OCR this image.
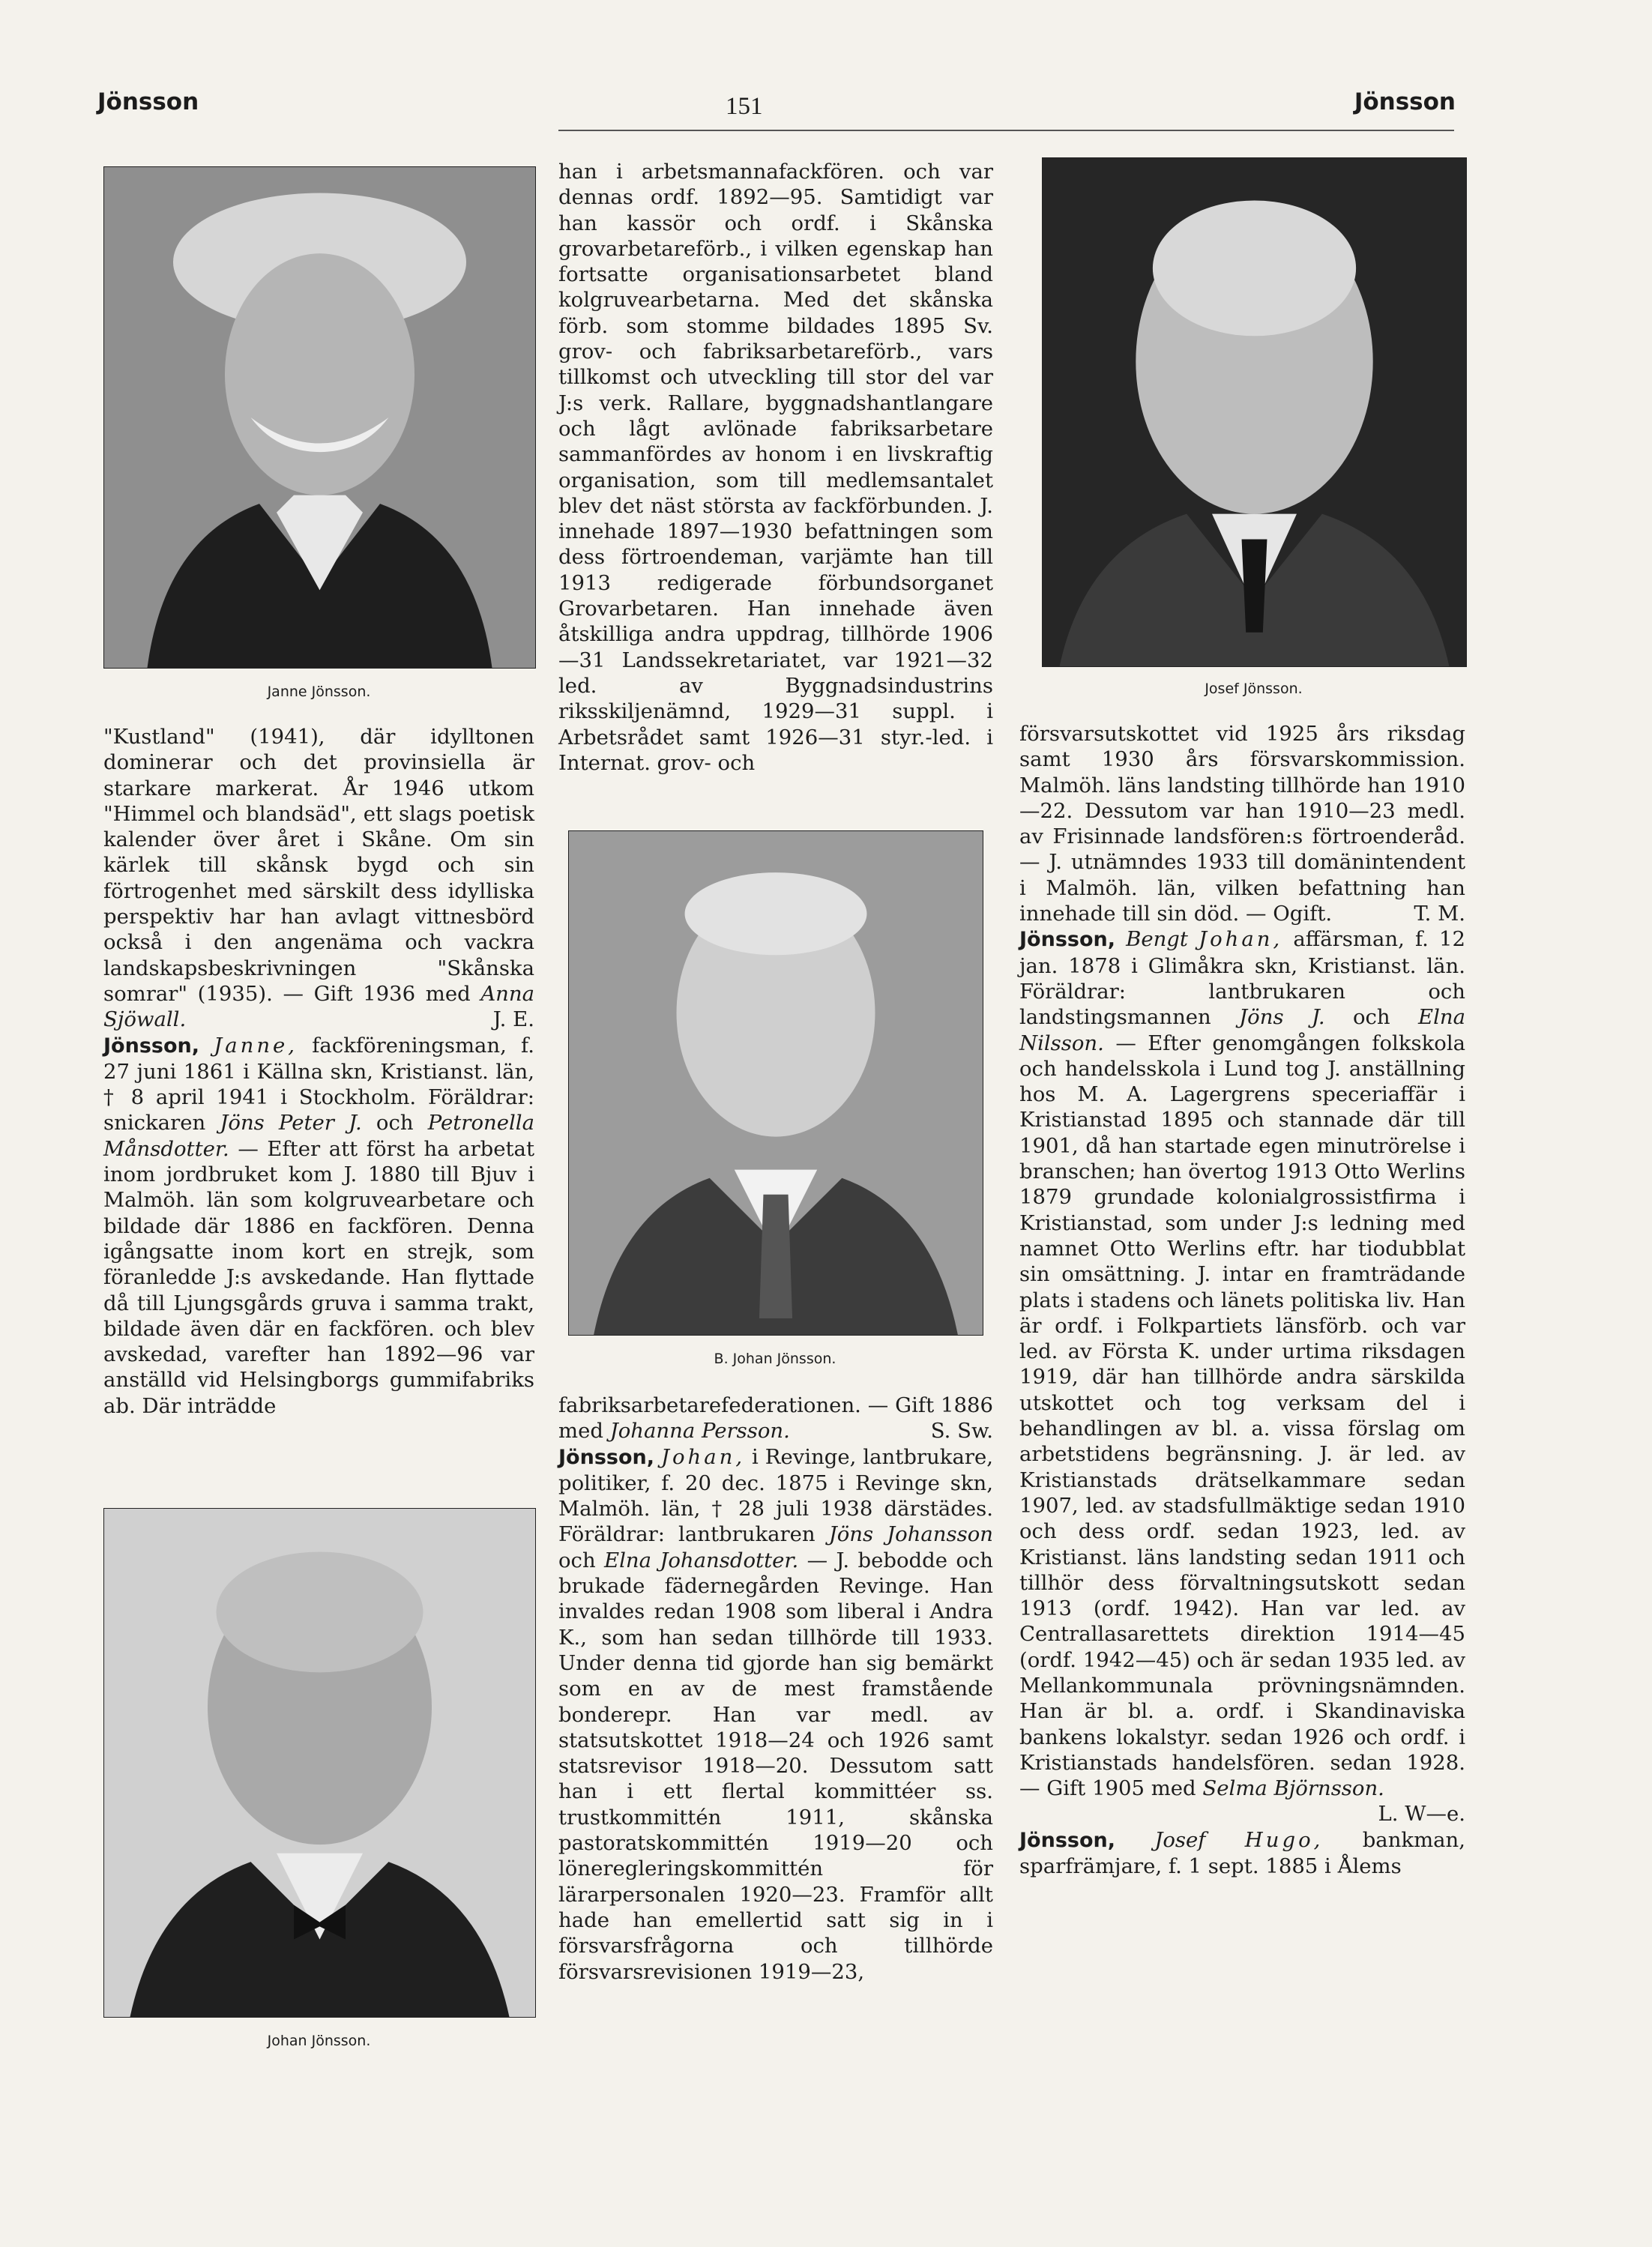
Jönsson	151	Jönsson
Janne Jönsson.	Josef Jönsson.
B. Johan Jönsson.
Johan Jönsson.

"Kustland" (1941), där idylltonen dominerar och det provinsiella är starkare markerat. År 1946 utkom "Himmel och blandsäd", ett slags poetisk kalender över året i Skåne. Om sin kärlek till skånsk bygd och sin förtrogenhet med särskilt dess idylliska perspektiv har han avlagt vittnesbörd också i den angenäma och vackra landskapsbeskrivningen "Skånska somrar" (1935). — Gift 1936 med Anna Sjöwall.	J. E.

Jönsson, Janne, fackföreningsman, f. 27 juni 1861 i Källna skn, Kristianst. län, † 8 april 1941 i Stockholm. Föräldrar: snickaren Jöns Peter J. och Petronella Månsdotter. — Efter att först ha arbetat inom jordbruket kom J. 1880 till Bjuv i Malmöh. län som kolgruvearbetare och bildade där 1886 en fackfören. Denna igångsatte inom kort en strejk, som föranledde J:s avskedande. Han flyttade då till Ljungsgårds gruva i samma trakt, bildade även där en fackfören. och blev avskedad, varefter han 1892—96 var anställd vid Helsingborgs gummifabriks ab. Där inträdde

han i arbetsmannafackfören. och var dennas ordf. 1892—95. Samtidigt var han kassör och ordf. i Skånska grovarbetareförb., i vilken egenskap han fortsatte organisationsarbetet bland kolgruvearbetarna. Med det skånska förb. som stomme bildades 1895 Sv. grov- och fabriksarbetareförb., vars tillkomst och utveckling till stor del var J:s verk. Rallare, byggnadshantlangare och lågt avlönade fabriksarbetare sammanfördes av honom i en livskraftig organisation, som till medlemsantalet blev det näst största av fackförbunden. J. innehade 1897—1930 befattningen som dess förtroendeman, varjämte han till 1913 redigerade förbundsorganet Grovarbetaren. Han innehade även åtskilliga andra uppdrag, tillhörde 1906—31 Landssekretariatet, var 1921—32 led. av Byggnadsindustrins riksskiljenämnd, 1929—31 suppl. i Arbetsrådet samt 1926—31 styr.-led. i Internat. grov- och

fabriksarbetarefederationen. — Gift 1886 med Johanna Persson.	S. Sw.

Jönsson, Johan, i Revinge, lantbrukare, politiker, f. 20 dec. 1875 i Revinge skn, Malmöh. län, † 28 juli 1938 därstädes. Föräldrar: lantbrukaren Jöns Johansson och Elna Johansdotter. — J. bebodde och brukade fädernegården Revinge. Han invaldes redan 1908 som liberal i Andra K., som han sedan tillhörde till 1933. Under denna tid gjorde han sig bemärkt som en av de mest framstående bonderepr. Han var medl. av statsutskottet 1918—24 och 1926 samt statsrevisor 1918—20. Dessutom satt han i ett flertal kommittéer ss. trustkommittén 1911, skånska pastoratskommittén 1919—20 och löneregleringskommittén för lärarpersonalen 1920—23. Framför allt hade han emellertid satt sig in i försvarsfrågorna och tillhörde försvarsrevisionen 1919—23,

försvarsutskottet vid 1925 års riksdag samt 1930 års försvarskommission. Malmöh. läns landsting tillhörde han 1910—22. Dessutom var han 1910—23 medl. av Frisinnade landsfören:s förtroenderåd. — J. utnämndes 1933 till domänintendent i Malmöh. län, vilken befattning han innehade till sin död. — Ogift.	T. M.

Jönsson, Bengt Johan, affärsman, f. 12 jan. 1878 i Glimåkra skn, Kristianst. län. Föräldrar: lantbrukaren och landstingsmannen Jöns J. och Elna Nilsson. — Efter genomgången folkskola och handelsskola i Lund tog J. anställning hos M. A. Lagergrens speceriaffär i Kristianstad 1895 och stannade där till 1901, då han startade egen minutrörelse i branschen; han övertog 1913 Otto Werlins 1879 grundade kolonialgrossistfirma i Kristianstad, som under J:s ledning med namnet Otto Werlins eftr. har tiodubblat sin omsättning. J. intar en framträdande plats i stadens och länets politiska liv. Han är ordf. i Folkpartiets länsförb. och var led. av Första K. under urtima riksdagen 1919, där han tillhörde andra särskilda utskottet och tog verksam del i behandlingen av bl. a. vissa förslag om arbetstidens begränsning. J. är led. av Kristianstads drätselkammare sedan 1907, led. av stadsfullmäktige sedan 1910 och dess ordf. sedan 1923, led. av Kristianst. läns landsting sedan 1911 och tillhör dess förvaltningsutskott sedan 1913 (ordf. 1942). Han var led. av Centrallasarettets direktion 1914—45 (ordf. 1942—45) och är sedan 1935 led. av Mellankommunala prövningsnämnden. Han är bl. a. ordf. i Skandinaviska bankens lokalstyr. sedan 1926 och ordf. i Kristianstads handelsfören. sedan 1928. — Gift 1905 med Selma Björnsson.
L. W—e.

Jönsson, Josef Hugo, bankman, sparfrämjare, f. 1 sept. 1885 i Ålems
